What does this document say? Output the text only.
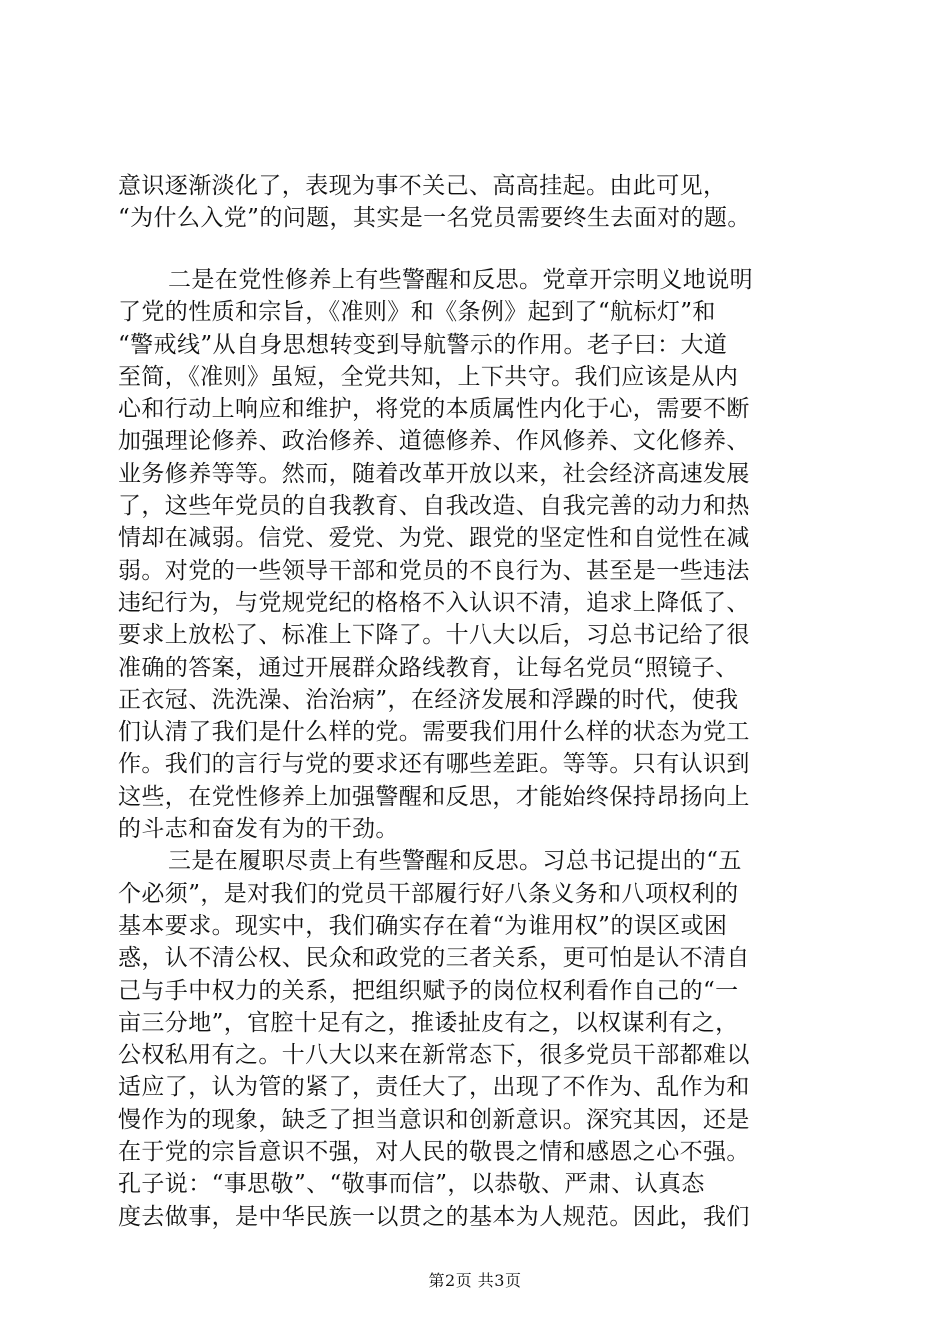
意识逐渐淡化了，表现为事不关己、高高挂起。由此可见，
“为什么入党”的问题，其实是一名党员需要终生去面对的题。
二是在党性修养上有些警醒和反思。党章开宗明义地说明
了党的性质和宗旨，《准则》和《条例》起到了“航标灯”和
“警戒线”从自身思想转变到导航警示的作用。老子曰：大道
至简，《准则》虽短，全党共知，上下共守。我们应该是从内
心和行动上响应和维护，将党的本质属性内化于心，需要不断
加强理论修养、政治修养、道德修养、作风修养、文化修养、
业务修养等等。然而，随着改革开放以来，社会经济高速发展
了，这些年党员的自我教育、自我改造、自我完善的动力和热
情却在减弱。信党、爱党、为党、跟党的坚定性和自觉性在减
弱。对党的一些领导干部和党员的不良行为、甚至是一些违法
违纪行为，与党规党纪的格格不入认识不清，追求上降低了、
要求上放松了、标准上下降了。十八大以后，习总书记给了很
准确的答案，通过开展群众路线教育，让每名党员“照镜子、
正衣冠、洗洗澡、治治病”，在经济发展和浮躁的时代，使我
们认清了我们是什么样的党。需要我们用什么样的状态为党工
作。我们的言行与党的要求还有哪些差距。等等。只有认识到
这些，在党性修养上加强警醒和反思，才能始终保持昂扬向上
的斗志和奋发有为的干劲。
三是在履职尽责上有些警醒和反思。习总书记提出的“五
个必须”，是对我们的党员干部履行好八条义务和八项权利的
基本要求。现实中，我们确实存在着“为谁用权”的误区或困
惑，认不清公权、民众和政党的三者关系，更可怕是认不清自
己与手中权力的关系，把组织赋予的岗位权利看作自己的“一
亩三分地”，官腔十足有之，推诿扯皮有之，以权谋利有之，
公权私用有之。十八大以来在新常态下，很多党员干部都难以
适应了，认为管的紧了，责任大了，出现了不作为、乱作为和
慢作为的现象，缺乏了担当意识和创新意识。深究其因，还是
在于党的宗旨意识不强，对人民的敬畏之情和感恩之心不强。
孔子说：“事思敬”、“敬事而信”，以恭敬、严肃、认真态
度去做事，是中华民族一以贯之的基本为人规范。因此，我们
第2页 共3页
